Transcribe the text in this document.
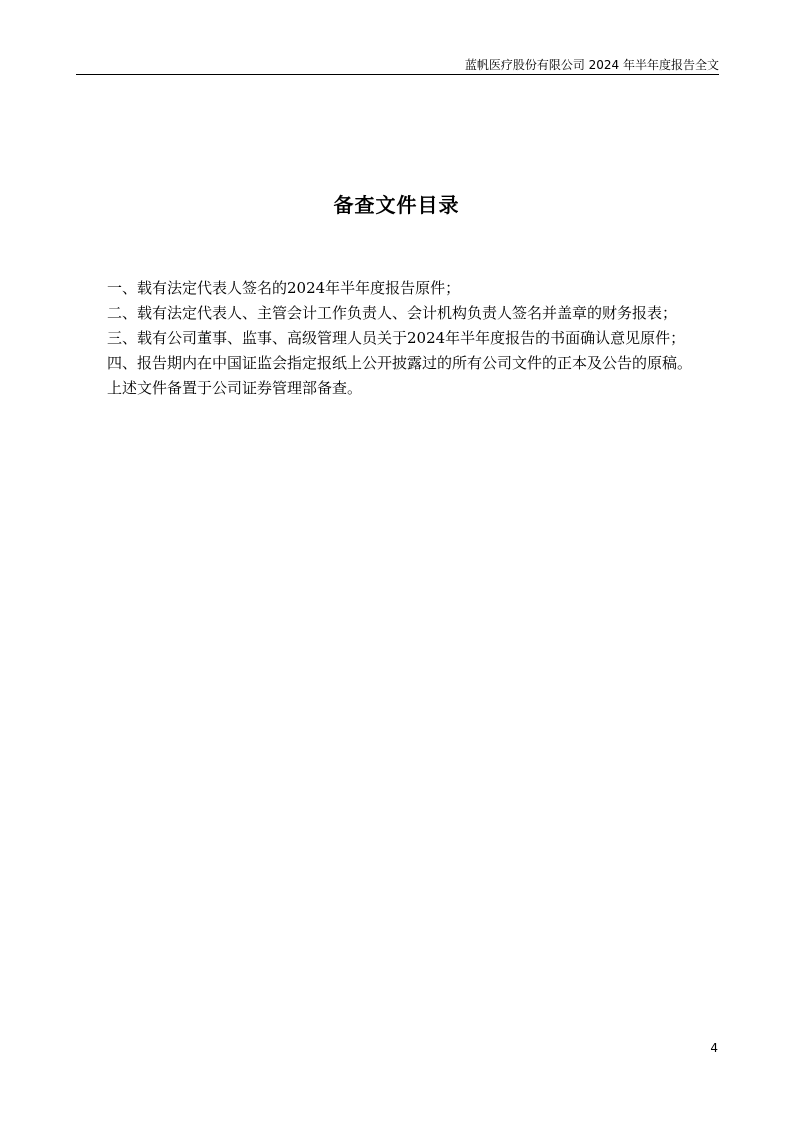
蓝帆医疗股份有限公司 2024 年半年度报告全文
备查文件目录
一、载有法定代表人签名的2024年半年度报告原件；
二、载有法定代表人、主管会计工作负责人、会计机构负责人签名并盖章的财务报表；
三、载有公司董事、监事、高级管理人员关于2024年半年度报告的书面确认意见原件；
四、报告期内在中国证监会指定报纸上公开披露过的所有公司文件的正本及公告的原稿。
上述文件备置于公司证券管理部备查。
4
